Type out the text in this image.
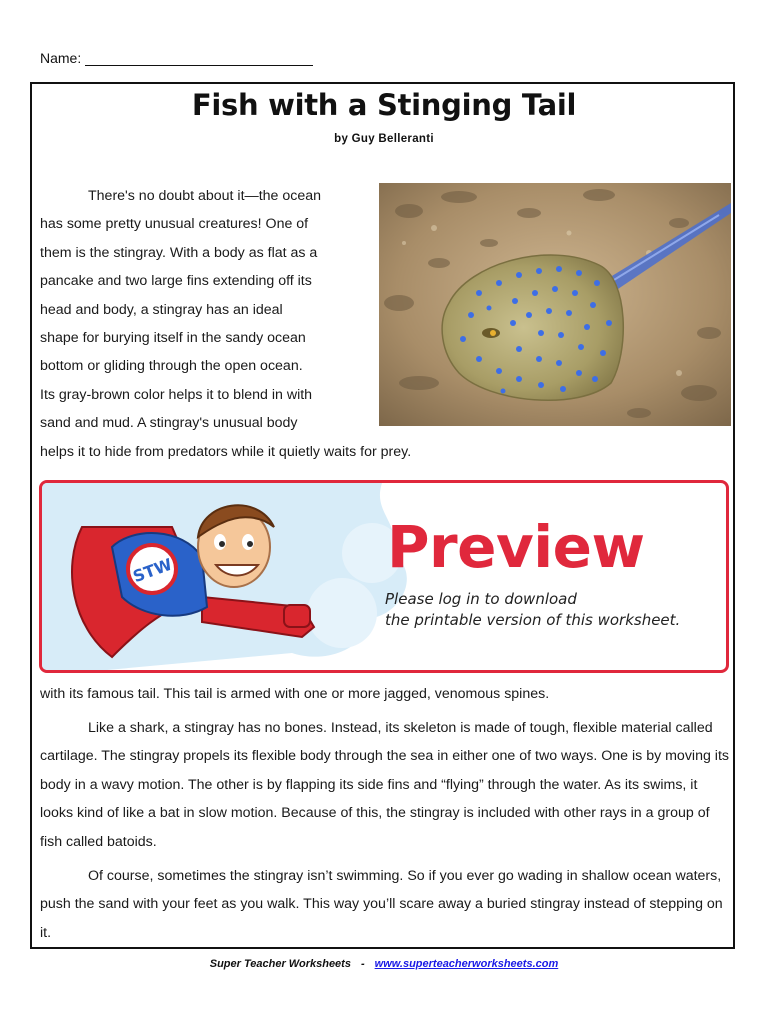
Name:
Fish with a Stinging Tail
by Guy Belleranti
There's no doubt about it—the ocean
has some pretty unusual creatures! One of
them is the stingray. With a body as flat as a
pancake and two large fins extending off its
head and body, a stingray has an ideal
shape for burying itself in the sandy ocean
bottom or gliding through the open ocean.
Its gray-brown color helps it to blend in with
sand and mud. A stingray's unusual body
helps it to hide from predators while it quietly waits for prey.
STW	Preview
Please log in to download
the printable version of this worksheet.
with its famous tail. This tail is armed with one or more jagged, venomous spines.

Like a shark, a stingray has no bones. Instead, its skeleton is made of tough, flexible material called cartilage. The stingray propels its flexible body through the sea in either one of two ways. One is by moving its body in a wavy motion. The other is by flapping its side fins and “flying” through the water. As its swims, it looks kind of like a bat in slow motion. Because of this, the stingray is included with other rays in a group of fish called batoids.

Of course, sometimes the stingray isn’t swimming. So if you ever go wading in shallow ocean waters, push the sand with your feet as you walk. This way you’ll scare away a buried stingray instead of stepping on it.

Super Teacher Worksheets - www.superteacherworksheets.com
